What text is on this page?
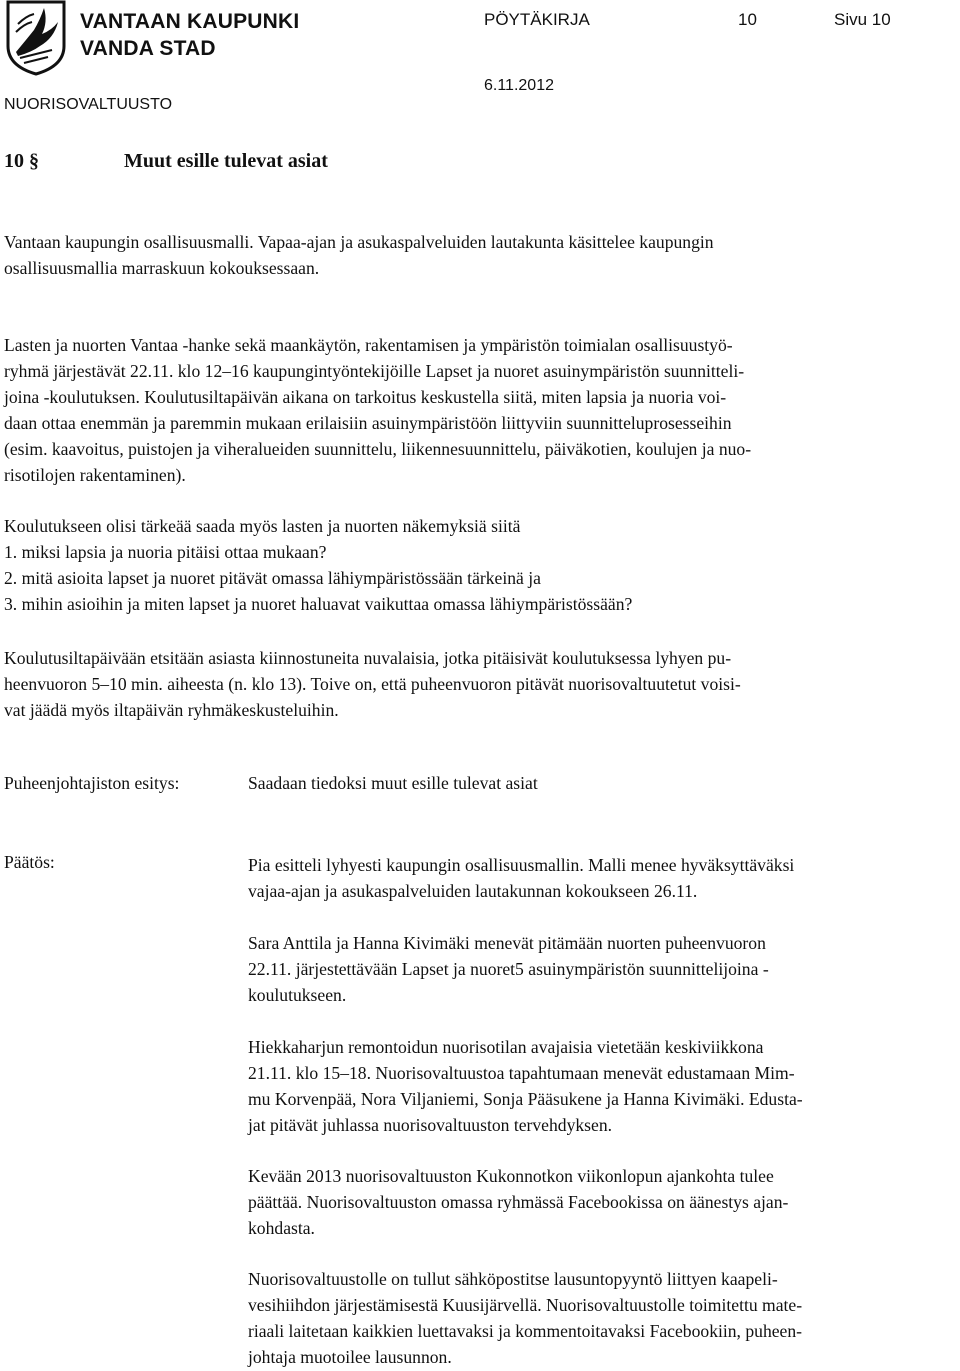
VANTAAN KAUPUNKI
VANDA STAD
NUORISOVALTUUSTO
PÖYTÄKIRJA	10	Sivu 10
6.11.2012
10 §	Muut esille tulevat asiat
Vantaan kaupungin osallisuusmalli. Vapaa-ajan ja asukaspalveluiden lautakunta käsittelee kaupungin
osallisuusmallia marraskuun kokouksessaan.
Lasten ja nuorten Vantaa -hanke sekä maankäytön, rakentamisen ja ympäristön toimialan osallisuustyö-
ryhmä järjestävät 22.11. klo 12–16 kaupungintyöntekijöille Lapset ja nuoret asuinympäristön suunnitteli-
joina -koulutuksen. Koulutusiltapäivän aikana on tarkoitus keskustella siitä, miten lapsia ja nuoria voi-
daan ottaa enemmän ja paremmin mukaan erilaisiin asuinympäristöön liittyviin suunnitteluprosesseihin
(esim. kaavoitus, puistojen ja viheralueiden suunnittelu, liikennesuunnittelu, päiväkotien, koulujen ja nuo-
risotilojen rakentaminen).
Koulutukseen olisi tärkeää saada myös lasten ja nuorten näkemyksiä siitä
1. miksi lapsia ja nuoria pitäisi ottaa mukaan?
2. mitä asioita lapset ja nuoret pitävät omassa lähiympäristössään tärkeinä ja
3. mihin asioihin ja miten lapset ja nuoret haluavat vaikuttaa omassa lähiympäristössään?
Koulutusiltapäivään etsitään asiasta kiinnostuneita nuvalaisia, jotka pitäisivät koulutuksessa lyhyen pu-
heenvuoron 5–10 min. aiheesta (n. klo 13). Toive on, että puheenvuoron pitävät nuorisovaltuutetut voisi-
vat jäädä myös iltapäivän ryhmäkeskusteluihin.
Puheenjohtajiston esitys:	Saadaan tiedoksi muut esille tulevat asiat
Päätös:	Pia esitteli lyhyesti kaupungin osallisuusmallin. Malli menee hyväksyttäväksi
vajaa-ajan ja asukaspalveluiden lautakunnan kokoukseen 26.11.
Sara Anttila ja Hanna Kivimäki menevät pitämään nuorten puheenvuoron
22.11. järjestettävään Lapset ja nuoret5 asuinympäristön suunnittelijoina -
koulutukseen.
Hiekkaharjun remontoidun nuorisotilan avajaisia vietetään keskiviikkona
21.11. klo 15–18. Nuorisovaltuustoa tapahtumaan menevät edustamaan Mim-
mu Korvenpää, Nora Viljaniemi, Sonja Pääsukene ja Hanna Kivimäki. Edusta-
jat pitävät juhlassa nuorisovaltuuston tervehdyksen.
Kevään 2013 nuorisovaltuuston Kukonnotkon viikonlopun ajankohta tulee
päättää. Nuorisovaltuuston omassa ryhmässä Facebookissa on äänestys ajan-
kohdasta.
Nuorisovaltuustolle on tullut sähköpostitse lausuntopyyntö liittyen kaapeli-
vesihiihdon järjestämisestä Kuusijärvellä. Nuorisovaltuustolle toimitettu mate-
riaali laitetaan kaikkien luettavaksi ja kommentoitavaksi Facebookiin, puheen-
johtaja muotoilee lausunnon.
